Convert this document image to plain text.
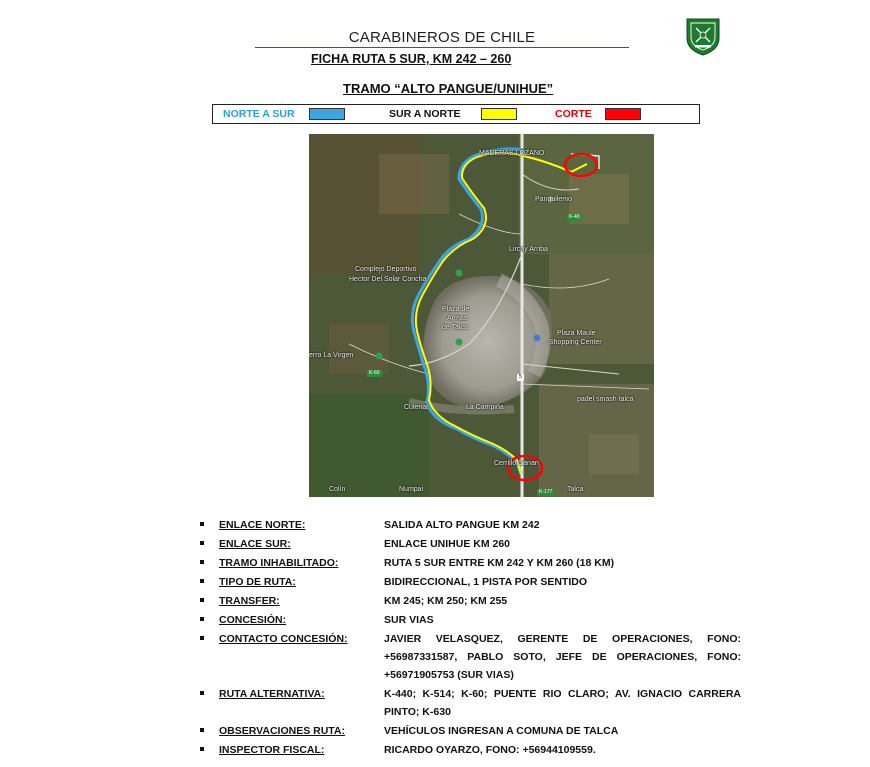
CARABINEROS DE CHILE
FICHA RUTA 5 SUR, KM 242 – 260
TRAMO “ALTO PANGUE/UNIHUE”
NORTE A SUR	SUR A NORTE	CORTE
MADERAS LOZANO
Panguilemo
Lircay Arriba
Complejo Deportivo
Hector Del Solar Concha
Plaza de
Armas
de Talca
Plaza Maule
Shopping Center
erro La Virgen
padel smash talca
La Campiña
Culenar
Cerrillo Canan
Colín	Numpai	Talca
K-40
K-60
K-177
5
ENLACE NORTE:	SALIDA ALTO PANGUE KM 242
ENLACE SUR:	ENLACE UNIHUE KM 260
TRAMO INHABILITADO:	RUTA 5 SUR ENTRE KM 242 Y KM 260 (18 KM)
TIPO DE RUTA:	BIDIRECCIONAL, 1 PISTA POR SENTIDO
TRANSFER:	KM 245; KM 250; KM 255
CONCESIÓN:	SUR VIAS
CONTACTO CONCESIÓN:	JAVIER VELASQUEZ, GERENTE DE OPERACIONES, FONO: +56987331587, PABLO SOTO, JEFE DE OPERACIONES, FONO: +56971905753 (SUR VIAS)
RUTA ALTERNATIVA:	K-440; K-514; K-60; PUENTE RIO CLARO; AV. IGNACIO CARRERA PINTO; K-630
OBSERVACIONES RUTA:	VEHÍCULOS INGRESAN A COMUNA DE TALCA
INSPECTOR FISCAL:	RICARDO OYARZO, FONO: +56944109559.
